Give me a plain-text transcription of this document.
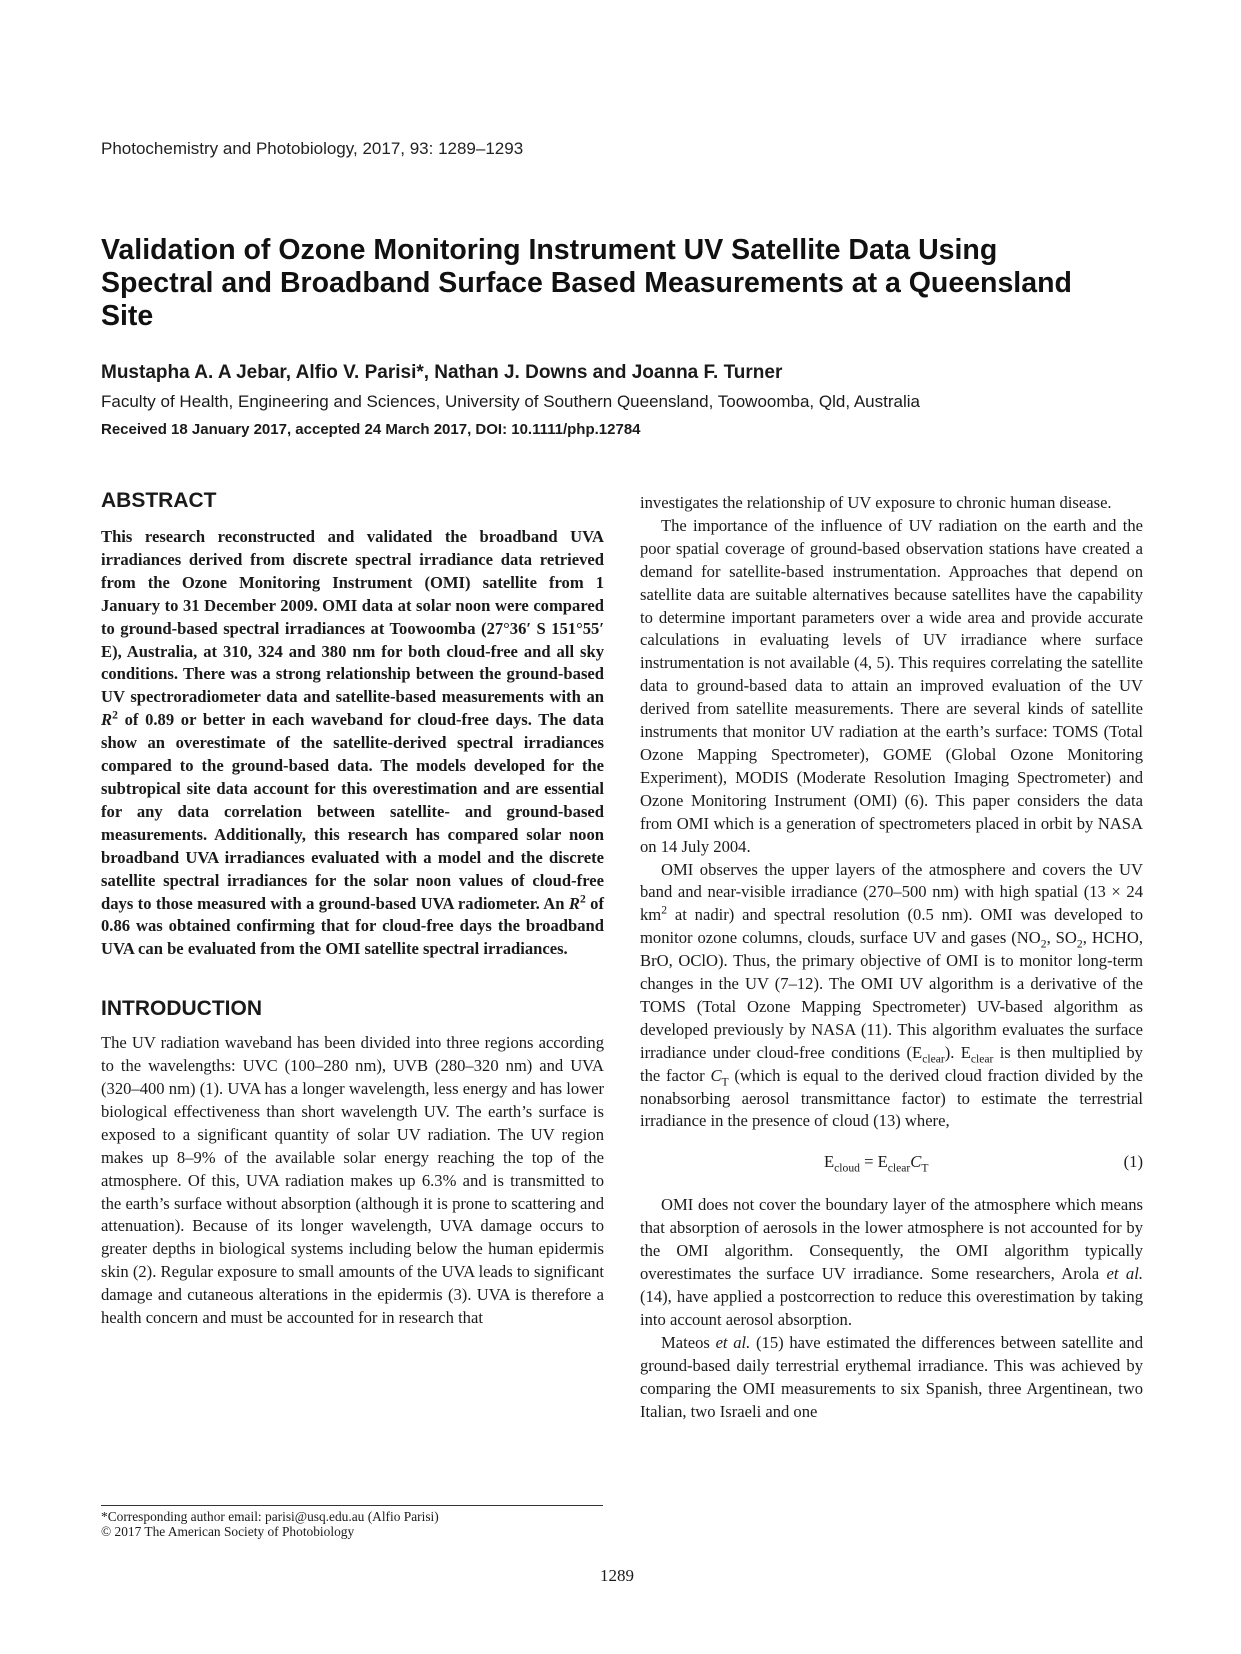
Photochemistry and Photobiology, 2017, 93: 1289–1293
Validation of Ozone Monitoring Instrument UV Satellite Data Using
Spectral and Broadband Surface Based Measurements at a Queensland
Site
Mustapha A. A Jebar, Alfio V. Parisi*, Nathan J. Downs and Joanna F. Turner
Faculty of Health, Engineering and Sciences, University of Southern Queensland, Toowoomba, Qld, Australia
Received 18 January 2017, accepted 24 March 2017, DOI: 10.1111/php.12784
ABSTRACT

This research reconstructed and validated the broadband UVA irradiances derived from discrete spectral irradiance data retrieved from the Ozone Monitoring Instrument (OMI) satellite from 1 January to 31 December 2009. OMI data at solar noon were compared to ground-based spectral irradiances at Toowoomba (27°36′ S 151°55′ E), Australia, at 310, 324 and 380 nm for both cloud-free and all sky conditions. There was a strong relationship between the ground-based UV spectroradiometer data and satellite-based measurements with an $R^2$ of 0.89 or better in each waveband for cloud-free days. The data show an overestimate of the satellite-derived spectral irradiances compared to the ground-based data. The models developed for the subtropical site data account for this overestimation and are essential for any data correlation between satellite- and ground-based measurements. Additionally, this research has compared solar noon broadband UVA irradiances evaluated with a model and the discrete satellite spectral irradiances for the solar noon values of cloud-free days to those measured with a ground-based UVA radiometer. An $R^2$ of 0.86 was obtained confirming that for cloud-free days the broadband UVA can be evaluated from the OMI satellite spectral irradiances.

INTRODUCTION

The UV radiation waveband has been divided into three regions according to the wavelengths: UVC (100–280 nm), UVB (280–320 nm) and UVA (320–400 nm) (1). UVA has a longer wavelength, less energy and has lower biological effectiveness than short wavelength UV. The earth’s surface is exposed to a significant quantity of solar UV radiation. The UV region makes up 8–9% of the available solar energy reaching the top of the atmosphere. Of this, UVA radiation makes up 6.3% and is transmitted to the earth’s surface without absorption (although it is prone to scattering and attenuation). Because of its longer wavelength, UVA damage occurs to greater depths in biological systems including below the human epidermis skin (2). Regular exposure to small amounts of the UVA leads to significant damage and cutaneous alterations in the epidermis (3). UVA is therefore a health concern and must be accounted for in research that

investigates the relationship of UV exposure to chronic human disease.

The importance of the influence of UV radiation on the earth and the poor spatial coverage of ground-based observation stations have created a demand for satellite-based instrumentation. Approaches that depend on satellite data are suitable alternatives because satellites have the capability to determine important parameters over a wide area and provide accurate calculations in evaluating levels of UV irradiance where surface instrumentation is not available (4, 5). This requires correlating the satellite data to ground-based data to attain an improved evaluation of the UV derived from satellite measurements. There are several kinds of satellite instruments that monitor UV radiation at the earth’s surface: TOMS (Total Ozone Mapping Spectrometer), GOME (Global Ozone Monitoring Experiment), MODIS (Moderate Resolution Imaging Spectrometer) and Ozone Monitoring Instrument (OMI) (6). This paper considers the data from OMI which is a generation of spectrometers placed in orbit by NASA on 14 July 2004.

OMI observes the upper layers of the atmosphere and covers the UV band and near-visible irradiance (270–500 nm) with high spatial (13 × 24 $km^2$ at nadir) and spectral resolution (0.5 nm). OMI was developed to monitor ozone columns, clouds, surface UV and gases ($NO_2$, $SO_2$, HCHO, BrO, OClO). Thus, the primary objective of OMI is to monitor long-term changes in the UV (7–12). The OMI UV algorithm is a derivative of the TOMS (Total Ozone Mapping Spectrometer) UV-based algorithm as developed previously by NASA (11). This algorithm evaluates the surface irradiance under cloud-free conditions $(E_{clear})$. $E_{clear}$ is then multiplied by the factor $C_T$ (which is equal to the derived cloud fraction divided by the nonabsorbing aerosol transmittance factor) to estimate the terrestrial irradiance in the presence of cloud (13) where,

$E_{cloud} = E_{clear}C_T$	(1)

OMI does not cover the boundary layer of the atmosphere which means that absorption of aerosols in the lower atmosphere is not accounted for by the OMI algorithm. Consequently, the OMI algorithm typically overestimates the surface UV irradiance. Some researchers, Arola et al. (14), have applied a postcorrection to reduce this overestimation by taking into account aerosol absorption.

Mateos et al. (15) have estimated the differences between satellite and ground-based daily terrestrial erythemal irradiance. This was achieved by comparing the OMI measurements to six Spanish, three Argentinean, two Italian, two Israeli and one

*Corresponding author email: parisi@usq.edu.au (Alfio Parisi)
© 2017 The American Society of Photobiology
1289
